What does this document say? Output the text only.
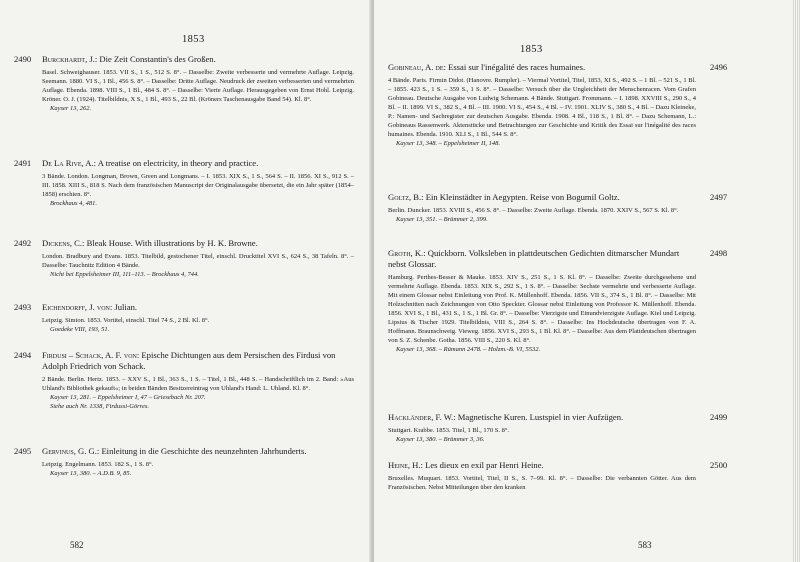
1853
2490 Burckhardt, J.: Die Zeit Constantin's des Großen.
Basel. Schweighauser. 1853. VII S., 1 S., 512 S. 8°. – Dasselbe: Zweite verbesserte und vermehrte Auflage. Leipzig. Seemann. 1880. VI S., 1 Bl., 456 S. 8°. – Dasselbe: Dritte Auflage. Neudruck der zweiten verbesserten und vermehrten Auflage. Ebenda. 1898. VIII S., 1 Bl., 484 S. 8°. – Dasselbe: Vierte Auflage. Herausgegeben von Ernst Hohl. Leipzig. Kröner. O. J. (1924). Titelbildnis, X S., 1 Bl., 493 S., 22 Bl. (Kröners Taschenausgabe Band 54). Kl. 8°.
Kayser 13, 262.
2491 De La Rive, A.: A treatise on electricity, in theory and practice.
3 Bände. London. Longman, Brown, Green and Longmans. – I. 1853. XIX S., 1 S., 564 S. – II. 1856. XI S., 912 S. – III. 1858. XIII S., 818 S. Nach dem französischen Manuscript der Originalausgabe übersetzt, die ein Jahr später (1854–1858) erschien. 8°.
Brockhaus 4, 481.
2492 Dickens, C.: Bleak House. With illustrations by H. K. Browne.
London. Bradbury and Evans. 1853. Titelbild, gestochener Titel, einschl. Drucktitel XVI S., 624 S., 38 Tafeln. 8°. – Dasselbe: Tauchnitz Edition 4 Bände.
Nicht bei Eppelsheimer III, 111–113. – Brockhaus 4, 744.
2493 Eichendorff, J. von: Julian.
Leipzig. Simion. 1853. Vortitel, einschl. Titel 74 S., 2 Bl. Kl. 8°.
Goedeke VIII, 193, 51.
2494 Firdusi – Schack, A. F. von: Epische Dichtungen aus dem Persischen des Firdusi von Adolph Friedrich von Schack.
2 Bände. Berlin. Hertz. 1853. – XXV S., 1 Bl., 363 S., 1 S. – Titel, 1 Bl., 448 S. – Handschriftlich im 2. Band: »Aus Uhland's Bibliothek gekauft«; in beiden Bänden Besitzereintrag von Uhland's Hand: L. Uhland. Kl. 8°.
Kayser 13, 281. – Eppelsheimer I, 47 – Griesebach Nr. 207.
Siehe auch Nr. 1338, Firdussi-Görres.
2495 Gervinus, G. G.: Einleitung in die Geschichte des neunzehnten Jahrhunderts.
Leipzig. Engelmann. 1853. 182 S., 1 S. 8°.
Kayser 13, 380. – A.D.B. 9, 85.
582
1853
2496
Gobineau, A. de: Essai sur l'inégalité des races humaines.
4 Bände. Paris. Firmin Didot. (Hanovre. Rumpler). – Viermal Vortitel, Titel, 1853, XI S., 492 S. – 1 Bl. – 521 S., 1 Bl. – 1855. 423 S., 1 S. – 359 S., 1 S. 8°. – Dasselbe: Versuch über die Ungleichheit der Menschenracen. Vom Grafen Gobineau. Deutsche Ausgabe von Ludwig Schemann. 4 Bände. Stuttgart. Frommann. – I. 1898. XXVIII S., 290 S., 4 Bl. – II. 1899. VI S., 382 S., 4 Bl. – III. 1900. VI S., 454 S., 4 Bl. – IV. 1901. XLIV S., 380 S., 4 Bl. – Dazu Kleineke, P.: Namen- und Sachregister zur deutschen Ausgabe. Ebenda. 1908. 4 Bl., 118 S., 1 Bl. 8°. – Dazu Schemann, L.: Gobineaus Rassenwerk. Aktenstücke und Betrachtungen zur Geschichte und Kritik des Essai sur l'inégalité des races humaines. Ebenda. 1910. XLI S., 1 Bl., 544 S. 8°.
Kayser 13, 348. – Eppelsheimer II, 148.
2497
Goltz, B.: Ein Kleinstädter in Aegypten. Reise von Bogumil Goltz.
Berlin. Duncker. 1853. XVIII S., 456 S. 8°. – Dasselbe: Zweite Auflage. Ebenda. 1870. XXIV S., 567 S. Kl. 8°.
Kayser 13, 351. – Brümmer 2, 399.
2498
Groth, K.: Quickborn. Volksleben in plattdeutschen Gedichten ditmarscher Mundart nebst Glossar.
Hamburg. Perthes-Besser & Mauke. 1853. XIV S., 251 S., 1 S. Kl. 8°. – Dasselbe: Zweite durchgesehene und vermehrte Auflage. Ebenda. 1853. XIX S., 292 S., 1 S. 8°. – Dasselbe: Sechste vermehrte und verbesserte Auflage. Mit einem Glossar nebst Einleitung von Prof. K. Müllenhoff. Ebenda. 1856. VII S., 374 S., 1 Bl. 8°. – Dasselbe: Mit Holzschnitten nach Zeichnungen von Otto Speckter. Glossar nebst Einleitung von Professor K. Müllenhoff. Ebenda. 1856. XVI S., 1 Bl., 431 S., 1 S., 1 Bl. Gr. 8°. – Dasselbe: Vierzigste und Einundvierzigste Auflage. Kiel und Leipzig. Lipsius & Tischer 1929. Titelbildnis, VIII S., 264 S. 8°. – Dasselbe: Ins Hochdeutsche übertragen von F. A. Hoffmann. Braunschweig. Vieweg. 1856. XVI S., 293 S., 1 Bl. Kl. 8°. – Dasselbe: Aus dem Plattdeutschen übertragen von S. Z. Schenbe. Gotha. 1856. VIII S., 220 S. Kl. 8°.
Kayser 13, 368. – Rümann 2478. – Holzm.-B. VI, 5532.
2499
Hackländer, F. W.: Magnetische Kuren. Lustspiel in vier Aufzügen.
Stuttgart. Krabbe. 1853. Titel, 1 Bl., 170 S. 8°.
Kayser 13, 380. – Brümmer 3, 36.
2500
Heine, H.: Les dieux en exil par Henri Heine.
Bruxelles. Muquart. 1853. Vortitel, Titel, II S., S. 7–99. Kl. 8°. – Dasselbe: Die verbannten Götter. Aus dem Französischen. Nebst Mitteilungen über den kranken
583
